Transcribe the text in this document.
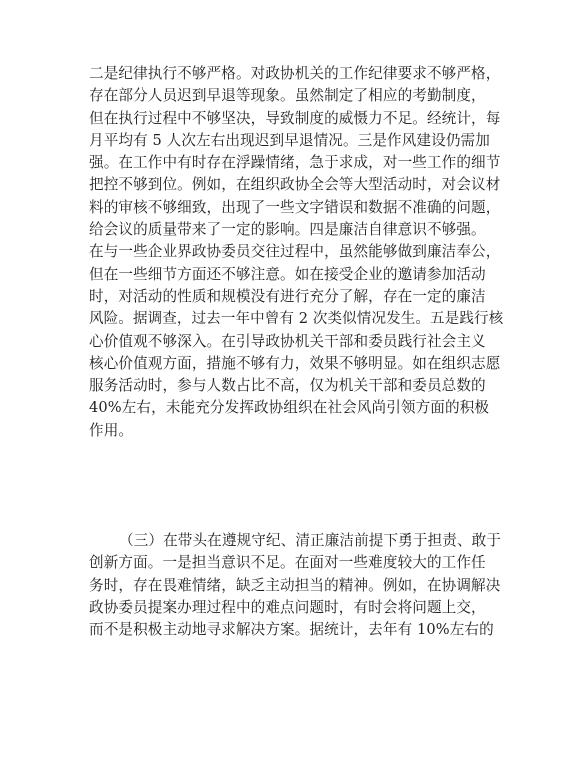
二是纪律执行不够严格。对政协机关的工作纪律要求不够严格，
存在部分人员迟到早退等现象。虽然制定了相应的考勤制度，
但在执行过程中不够坚决，导致制度的威慑力不足。经统计，每
月平均有 5 人次左右出现迟到早退情况。三是作风建设仍需加
强。在工作中有时存在浮躁情绪，急于求成，对一些工作的细节
把控不够到位。例如，在组织政协全会等大型活动时，对会议材
料的审核不够细致，出现了一些文字错误和数据不准确的问题，
给会议的质量带来了一定的影响。四是廉洁自律意识不够强。
在与一些企业界政协委员交往过程中，虽然能够做到廉洁奉公，
但在一些细节方面还不够注意。如在接受企业的邀请参加活动
时，对活动的性质和规模没有进行充分了解，存在一定的廉洁
风险。据调查，过去一年中曾有 2 次类似情况发生。五是践行核
心价值观不够深入。在引导政协机关干部和委员践行社会主义
核心价值观方面，措施不够有力，效果不够明显。如在组织志愿
服务活动时，参与人数占比不高，仅为机关干部和委员总数的
40%左右，未能充分发挥政协组织在社会风尚引领方面的积极
作用。
（三）在带头在遵规守纪、清正廉洁前提下勇于担责、敢于
创新方面。一是担当意识不足。在面对一些难度较大的工作任
务时，存在畏难情绪，缺乏主动担当的精神。例如，在协调解决
政协委员提案办理过程中的难点问题时，有时会将问题上交，
而不是积极主动地寻求解决方案。据统计，去年有 10%左右的
